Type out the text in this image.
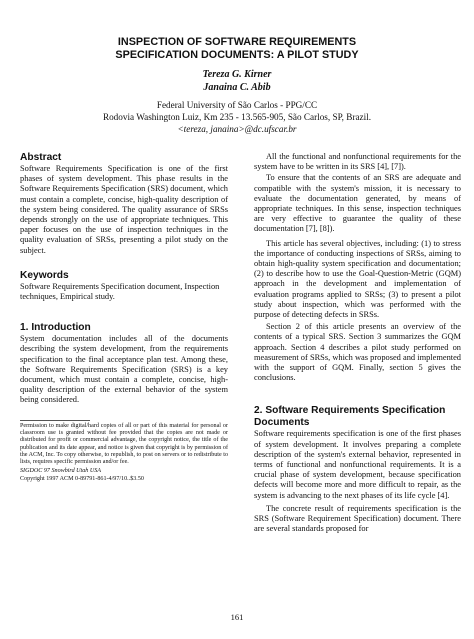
INSPECTION OF SOFTWARE REQUIREMENTS
SPECIFICATION DOCUMENTS: A PILOT STUDY
Tereza G. Kirner
Janaina C. Abib
Federal University of São Carlos - PPG/CC
Rodovia Washington Luiz, Km 235 - 13.565-905, São Carlos, SP, Brazil.
<tereza, janaina>@dc.ufscar.br
Abstract

Software Requirements Specification is one of the first phases of system development. This phase results in the Software Requirements Specification (SRS) document, which must contain a complete, concise, high-quality description of the system being considered. The quality assurance of SRSs depends strongly on the use of appropriate techniques. This paper focuses on the use of inspection techniques in the quality evaluation of SRSs, presenting a pilot study on the subject.

Keywords

Software Requirements Specification document, Inspection techniques, Empirical study.

1. Introduction

System documentation includes all of the documents describing the system development, from the requirements specification to the final acceptance plan test. Among these, the Software Requirements Specification (SRS) is a key document, which must contain a complete, concise, high-quality description of the external behavior of the system being considered.

Permission to make digital/hard copies of all or part of this material for personal or classroom use is granted without fee provided that the copies are not made or distributed for profit or commercial advantage, the copyright notice, the title of the publication and its date appear, and notice is given that copyright is by permission of the ACM, Inc. To copy otherwise, to republish, to post on servers or to redistribute to lists, requires specific permission and/or fee.

SIGDOC 97 Snowbird Utah USA

Copyright 1997 ACM 0-89791-861-4/97/10..$3.50

All the functional and nonfunctional requirements for the system have to be written in its SRS [4], [7]).

To ensure that the contents of an SRS are adequate and compatible with the system's mission, it is necessary to evaluate the documentation generated, by means of appropriate techniques. In this sense, inspection techniques are very effective to guarantee the quality of these documentation [7], [8]).

This article has several objectives, including: (1) to stress the importance of conducting inspections of SRSs, aiming to obtain high-quality system specification and documentation; (2) to describe how to use the Goal-Question-Metric (GQM) approach in the development and implementation of evaluation programs applied to SRSs; (3) to present a pilot study about inspection, which was performed with the purpose of detecting defects in SRSs.

Section 2 of this article presents an overview of the contents of a typical SRS. Section 3 summarizes the GQM approach. Section 4 describes a pilot study performed on measurement of SRSs, which was proposed and implemented with the support of GQM. Finally, section 5 gives the conclusions.

2. Software Requirements Specification Documents

Software requirements specification is one of the first phases of system development. It involves preparing a complete description of the system's external behavior, represented in terms of functional and nonfunctional requirements. It is a crucial phase of system development, because specification defects will become more and more difficult to repair, as the system is advancing to the next phases of its life cycle [4].

The concrete result of requirements specification is the SRS (Software Requirement Specification) document. There are several standards proposed for

161
